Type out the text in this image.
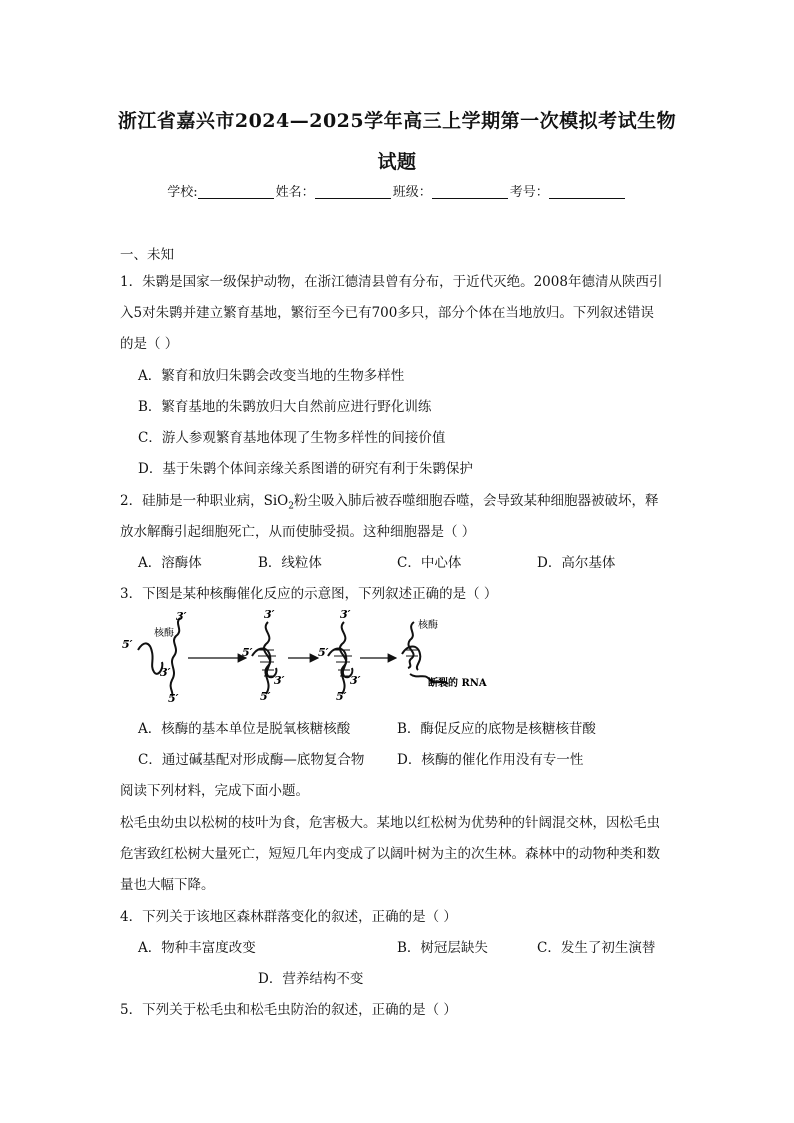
浙江省嘉兴市2024—2025学年高三上学期第一次模拟考试生物
试题
学校:	姓名：	班级：	考号：
一、未知
1．朱鹮是国家一级保护动物，在浙江德清县曾有分布，于近代灭绝。2008年德清从陕西引
入5对朱鹮并建立繁育基地，繁衍至今已有700多只，部分个体在当地放归。下列叙述错误
的是（ ）
A．繁育和放归朱鹮会改变当地的生物多样性
B．繁育基地的朱鹮放归大自然前应进行野化训练
C．游人参观繁育基地体现了生物多样性的间接价值
D．基于朱鹮个体间亲缘关系图谱的研究有利于朱鹮保护
2．硅肺是一种职业病，SiO$_2$粉尘吸入肺后被吞噬细胞吞噬，会导致某种细胞器被破坏，释
放水解酶引起细胞死亡，从而使肺受损。这种细胞器是（ ）
A．溶酶体	B．线粒体	C．中心体	D．高尔基体
3．下图是某种核酶催化反应的示意图，下列叙述正确的是（ ）
5′
核酶
3′
3′
5′
3′
5′
3′
5′
3′
5′
3′
5′
核酶
断裂的 RNA
A．核酶的基本单位是脱氧核糖核酸	B．酶促反应的底物是核糖核苷酸
C．通过碱基配对形成酶—底物复合物 D．核酶的催化作用没有专一性
阅读下列材料，完成下面小题。
松毛虫幼虫以松树的枝叶为食，危害极大。某地以红松树为优势种的针阔混交林，因松毛虫
危害致红松树大量死亡，短短几年内变成了以阔叶树为主的次生林。森林中的动物种类和数
量也大幅下降。
4．下列关于该地区森林群落变化的叙述，正确的是（ ）
A．物种丰富度改变	B．树冠层缺失	C．发生了初生演替
D．营养结构不变
5．下列关于松毛虫和松毛虫防治的叙述，正确的是（ ）
